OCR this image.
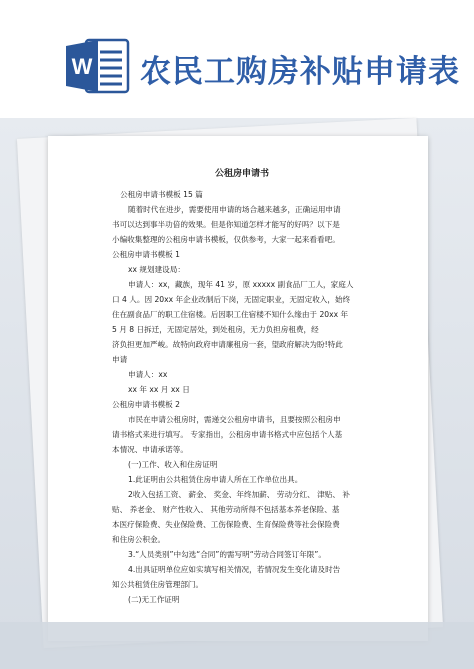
W 农民工购房补贴申请表
公租房申请书
公租房申请书模板 15 篇
随着时代在进步，需要使用申请的场合越来越多，正确运用申请
书可以达到事半功倍的效果。但是你知道怎样才能写的好吗？以下是
小编收集整理的公租房申请书模板，仅供参考，大家一起来看看吧。
公租房申请书模板 1
xx 规划建设局：
申请人：xx，藏族，现年 41 岁，原 xxxxx 副食品厂工人，家庭人
口 4 人。因 20xx 年企业改制后下岗，无固定职业，无固定收入，始终
住在副食品厂的职工住宿楼。后因职工住宿楼不知什么缘由于 20xx 年
5 月 8 日拆迁，无固定居处，到处租房，无力负担房租费，经
济负担更加严峻。故特向政府申请廉租房一套，望政府解决为盼!特此
申请
申请人：xx
xx 年 xx 月 xx 日
公租房申请书模板 2
市民在申请公租房时，需递交公租房申请书，且要按照公租房申
请书格式来进行填写。 专家指出，公租房申请书格式中应包括个人基
本情况、申请承诺等。
(一)工作、收入和住房证明
1.此证明由公共租赁住房申请人所在工作单位出具。
2收入包括工资、 薪金、 奖金、年终加薪、 劳动分红、 津贴、 补
贴、 养老金、 财产性收入、 其他劳动所得不包括基本养老保险、基
本医疗保险费、失业保险费、工伤保险费、生育保险费等社会保险费
和住房公积金。
3.“人员类别”中勾选“合同”的需写明“劳动合同签订年限”。
4.出具证明单位应如实填写相关情况，若情况发生变化请及时告
知公共租赁住房管理部门。
(二)无工作证明
